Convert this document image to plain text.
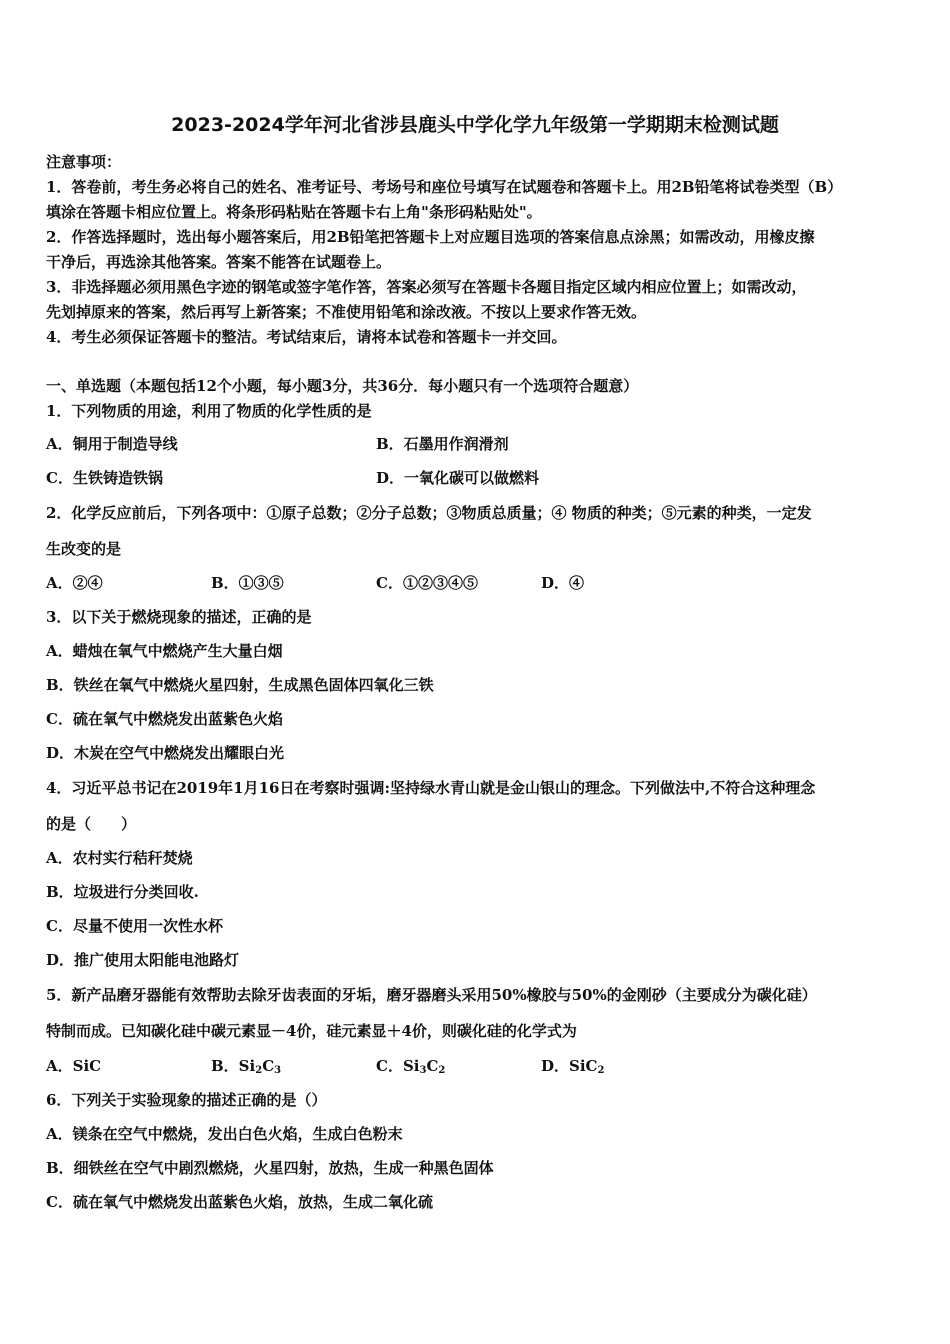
2023-2024学年河北省涉县鹿头中学化学九年级第一学期期末检测试题
注意事项：
1．答卷前，考生务必将自己的姓名、准考证号、考场号和座位号填写在试题卷和答题卡上。用2B铅笔将试卷类型（B）
填涂在答题卡相应位置上。将条形码粘贴在答题卡右上角"条形码粘贴处"。
2．作答选择题时，选出每小题答案后，用2B铅笔把答题卡上对应题目选项的答案信息点涂黑；如需改动，用橡皮擦
干净后，再选涂其他答案。答案不能答在试题卷上。
3．非选择题必须用黑色字迹的钢笔或签字笔作答，答案必须写在答题卡各题目指定区域内相应位置上；如需改动，
先划掉原来的答案，然后再写上新答案；不准使用铅笔和涂改液。不按以上要求作答无效。
4．考生必须保证答题卡的整洁。考试结束后，请将本试卷和答题卡一并交回。
一、单选题（本题包括12个小题，每小题3分，共36分．每小题只有一个选项符合题意）
1．下列物质的用途，利用了物质的化学性质的是
A．铜用于制造导线	B．石墨用作润滑剂
C．生铁铸造铁锅	D．一氧化碳可以做燃料
2．化学反应前后，下列各项中：①原子总数；②分子总数；③物质总质量；④ 物质的种类；⑤元素的种类，一定发
生改变的是
A．②④	B．①③⑤	C．①②③④⑤	D．④
3．以下关于燃烧现象的描述，正确的是
A．蜡烛在氧气中燃烧产生大量白烟
B．铁丝在氧气中燃烧火星四射，生成黑色固体四氧化三铁
C．硫在氧气中燃烧发出蓝紫色火焰
D．木炭在空气中燃烧发出耀眼白光
4．习近平总书记在2019年1月16日在考察时强调:坚持绿水青山就是金山银山的理念。下列做法中,不符合这种理念
的是（　　）
A．农村实行秸秆焚烧
B．垃圾进行分类回收.
C．尽量不使用一次性水杯
D．推广使用太阳能电池路灯
5．新产品磨牙器能有效帮助去除牙齿表面的牙垢，磨牙器磨头采用50%橡胶与50%的金刚砂（主要成分为碳化硅）
特制而成。已知碳化硅中碳元素显－4价，硅元素显＋4价，则碳化硅的化学式为
A．SiC	B．$Si_2C_3$	C．$Si_3C_2$	D．SiC$_2$
6．下列关于实验现象的描述正确的是（）
A．镁条在空气中燃烧，发出白色火焰，生成白色粉末
B．细铁丝在空气中剧烈燃烧，火星四射，放热，生成一种黑色固体
C．硫在氧气中燃烧发出蓝紫色火焰，放热，生成二氧化硫
